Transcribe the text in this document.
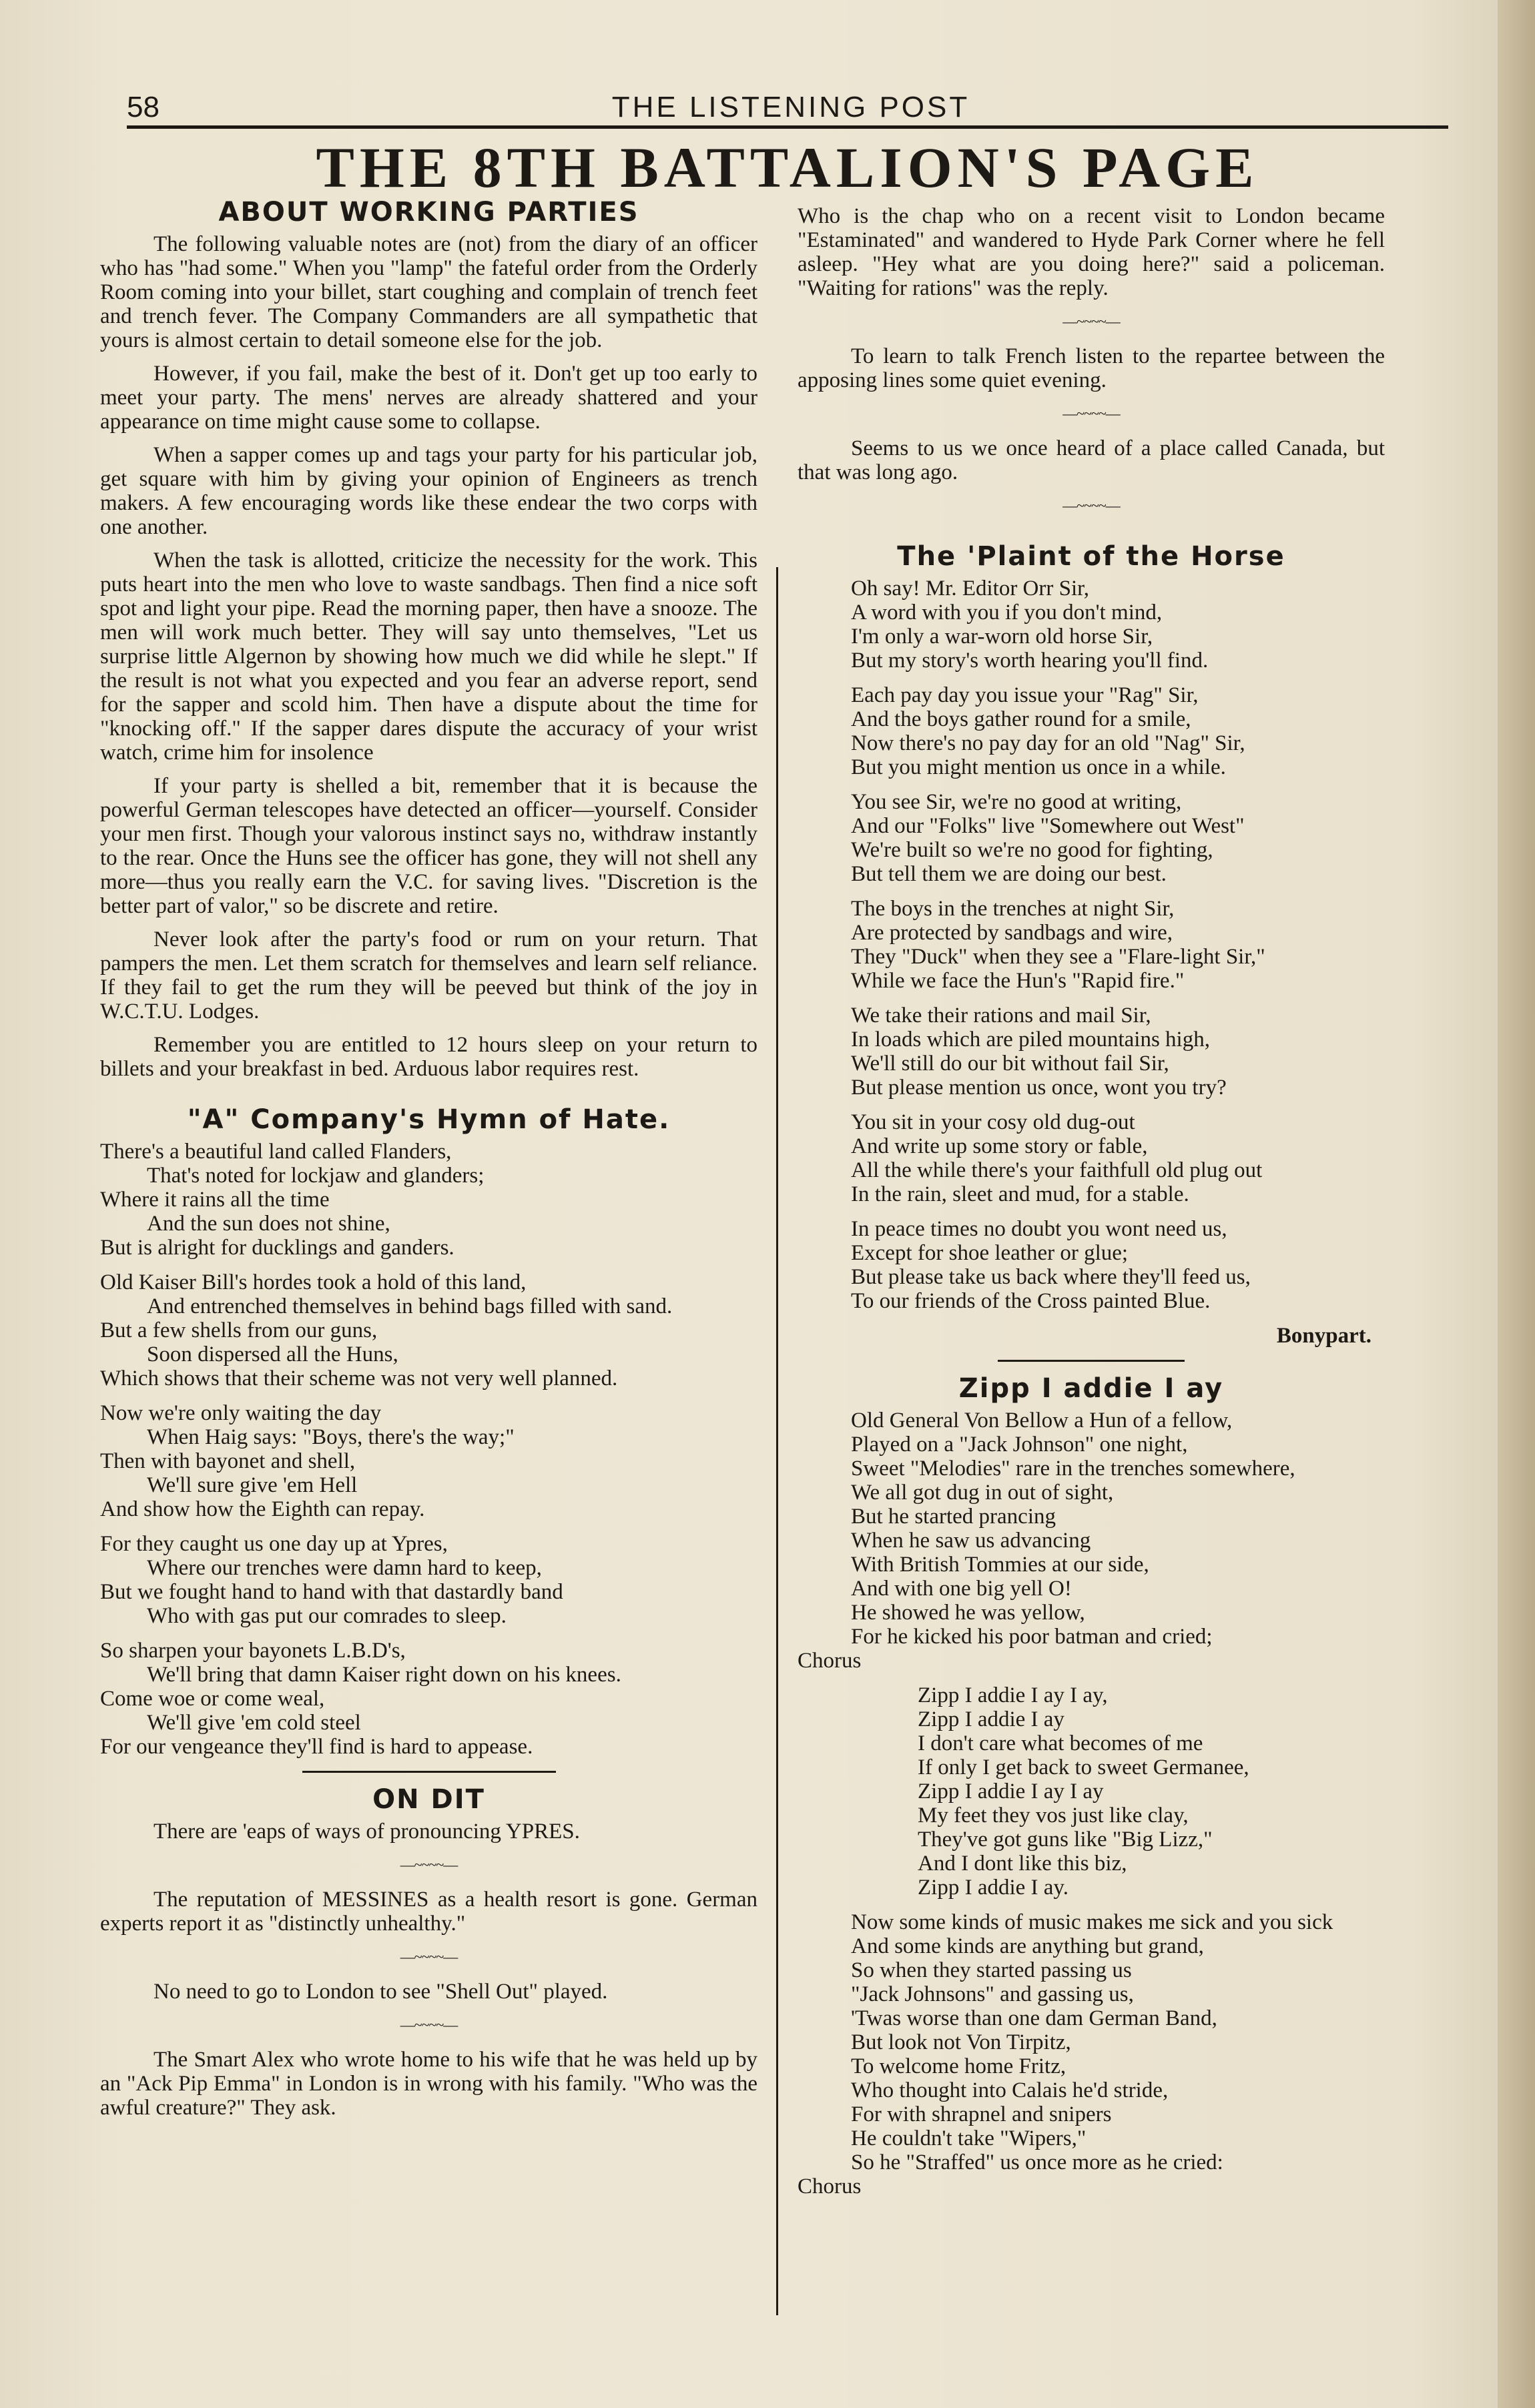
58	THE LISTENING POST
THE 8TH BATTALION'S PAGE
ABOUT WORKING PARTIES

The following valuable notes are (not) from the diary of an officer who has "had some." When you "lamp" the fateful order from the Orderly Room coming into your billet, start coughing and complain of trench feet and trench fever. The Company Commanders are all sympathetic that yours is almost certain to detail someone else for the job.

However, if you fail, make the best of it. Don't get up too early to meet your party. The mens' nerves are already shattered and your appearance on time might cause some to collapse.

When a sapper comes up and tags your party for his particular job, get square with him by giving your opinion of Engineers as trench makers. A few encouraging words like these endear the two corps with one another.

When the task is allotted, criticize the necessity for the work. This puts heart into the men who love to waste sandbags. Then find a nice soft spot and light your pipe. Read the morning paper, then have a snooze. The men will work much better. They will say unto themselves, "Let us surprise little Algernon by showing how much we did while he slept." If the result is not what you expected and you fear an adverse report, send for the sapper and scold him. Then have a dispute about the time for "knocking off." If the sapper dares dispute the accuracy of your wrist watch, crime him for insolence

If your party is shelled a bit, remember that it is because the powerful German telescopes have detected an officer—yourself. Consider your men first. Though your valorous instinct says no, withdraw instantly to the rear. Once the Huns see the officer has gone, they will not shell any more—thus you really earn the V.C. for saving lives. "Discretion is the better part of valor," so be discrete and retire.

Never look after the party's food or rum on your return. That pampers the men. Let them scratch for themselves and learn self reliance. If they fail to get the rum they will be peeved but think of the joy in W.C.T.U. Lodges.

Remember you are entitled to 12 hours sleep on your return to billets and your breakfast in bed. Arduous labor requires rest.

"A" Company's Hymn of Hate.
There's a beautiful land called Flanders,
That's noted for lockjaw and glanders;
Where it rains all the time
And the sun does not shine,
But is alright for ducklings and ganders.
Old Kaiser Bill's hordes took a hold of this land,
And entrenched themselves in behind bags filled with sand.
But a few shells from our guns,
Soon dispersed all the Huns,
Which shows that their scheme was not very well planned.
Now we're only waiting the day
When Haig says: "Boys, there's the way;"
Then with bayonet and shell,
We'll sure give 'em Hell
And show how the Eighth can repay.
For they caught us one day up at Ypres,
Where our trenches were damn hard to keep,
But we fought hand to hand with that dastardly band
Who with gas put our comrades to sleep.
So sharpen your bayonets L.B.D's,
We'll bring that damn Kaiser right down on his knees.
Come woe or come weal,
We'll give 'em cold steel
For our vengeance they'll find is hard to appease.
ON DIT

There are 'eaps of ways of pronouncing YPRES.

—~~~~—

The reputation of MESSINES as a health resort is gone. German experts report it as "distinctly unhealthy."

—~~~~—

No need to go to London to see "Shell Out" played.

—~~~~—

The Smart Alex who wrote home to his wife that he was held up by an "Ack Pip Emma" in London is in wrong with his family. "Who was the awful creature?" They ask.

Who is the chap who on a recent visit to London became "Estaminated" and wandered to Hyde Park Corner where he fell asleep. "Hey what are you doing here?" said a policeman. "Waiting for rations" was the reply.

—~~~~—

To learn to talk French listen to the repartee between the apposing lines some quiet evening.

—~~~~—

Seems to us we once heard of a place called Canada, but that was long ago.

—~~~~—
The 'Plaint of the Horse
Oh say! Mr. Editor Orr Sir,
A word with you if you don't mind,
I'm only a war-worn old horse Sir,
But my story's worth hearing you'll find.
Each pay day you issue your "Rag" Sir,
And the boys gather round for a smile,
Now there's no pay day for an old "Nag" Sir,
But you might mention us once in a while.
You see Sir, we're no good at writing,
And our "Folks" live "Somewhere out West"
We're built so we're no good for fighting,
But tell them we are doing our best.
The boys in the trenches at night Sir,
Are protected by sandbags and wire,
They "Duck" when they see a "Flare-light Sir,"
While we face the Hun's "Rapid fire."
We take their rations and mail Sir,
In loads which are piled mountains high,
We'll still do our bit without fail Sir,
But please mention us once, wont you try?
You sit in your cosy old dug-out
And write up some story or fable,
All the while there's your faithfull old plug out
In the rain, sleet and mud, for a stable.
In peace times no doubt you wont need us,
Except for shoe leather or glue;
But please take us back where they'll feed us,
To our friends of the Cross painted Blue.
Bonypart.
Zipp I addie I ay
Old General Von Bellow a Hun of a fellow,
Played on a "Jack Johnson" one night,
Sweet "Melodies" rare in the trenches somewhere,
We all got dug in out of sight,
But he started prancing
When he saw us advancing
With British Tommies at our side,
And with one big yell O!
He showed he was yellow,
For he kicked his poor batman and cried;
Chorus
Zipp I addie I ay I ay,
Zipp I addie I ay
I don't care what becomes of me
If only I get back to sweet Germanee,
Zipp I addie I ay I ay
My feet they vos just like clay,
They've got guns like "Big Lizz,"
And I dont like this biz,
Zipp I addie I ay.
Now some kinds of music makes me sick and you sick
And some kinds are anything but grand,
So when they started passing us
"Jack Johnsons" and gassing us,
'Twas worse than one dam German Band,
But look not Von Tirpitz,
To welcome home Fritz,
Who thought into Calais he'd stride,
For with shrapnel and snipers
He couldn't take "Wipers,"
So he "Straffed" us once more as he cried:
Chorus
